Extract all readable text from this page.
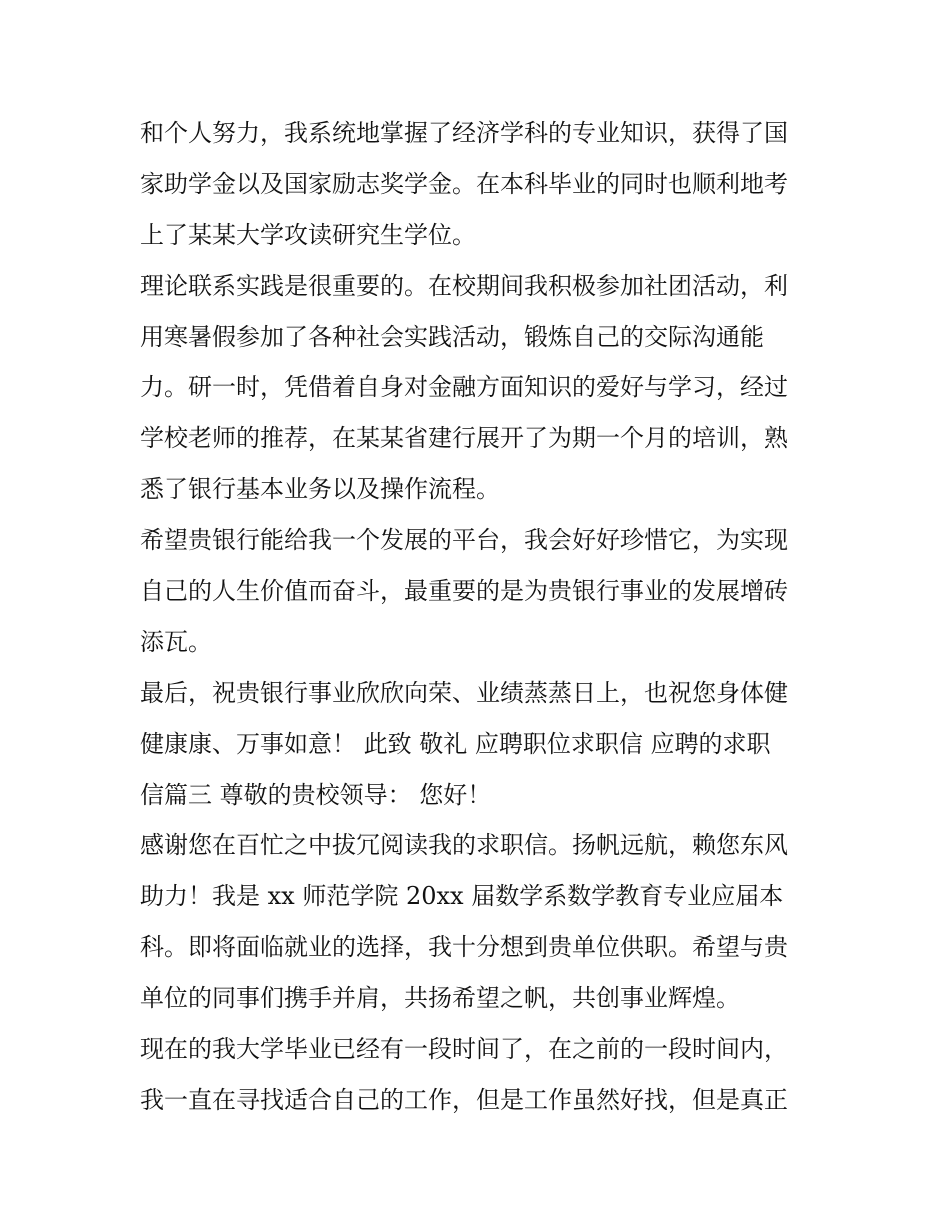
和个人努力，我系统地掌握了经济学科的专业知识，获得了国
家助学金以及国家励志奖学金。在本科毕业的同时也顺利地考
上了某某大学攻读研究生学位。
理论联系实践是很重要的。在校期间我积极参加社团活动，利
用寒暑假参加了各种社会实践活动，锻炼自己的交际沟通能
力。研一时，凭借着自身对金融方面知识的爱好与学习，经过
学校老师的推荐，在某某省建行展开了为期一个月的培训，熟
悉了银行基本业务以及操作流程。
希望贵银行能给我一个发展的平台，我会好好珍惜它，为实现
自己的人生价值而奋斗，最重要的是为贵银行事业的发展增砖
添瓦。
最后，祝贵银行事业欣欣向荣、业绩蒸蒸日上，也祝您身体健
健康康、万事如意！ 此致 敬礼 应聘职位求职信 应聘的求职
信篇三 尊敬的贵校领导： 您好！
感谢您在百忙之中拔冗阅读我的求职信。扬帆远航，赖您东风
助力！我是 xx 师范学院 20xx 届数学系数学教育专业应届本
科。即将面临就业的选择，我十分想到贵单位供职。希望与贵
单位的同事们携手并肩，共扬希望之帆，共创事业辉煌。
现在的我大学毕业已经有一段时间了，在之前的一段时间内，
我一直在寻找适合自己的工作，但是工作虽然好找，但是真正
